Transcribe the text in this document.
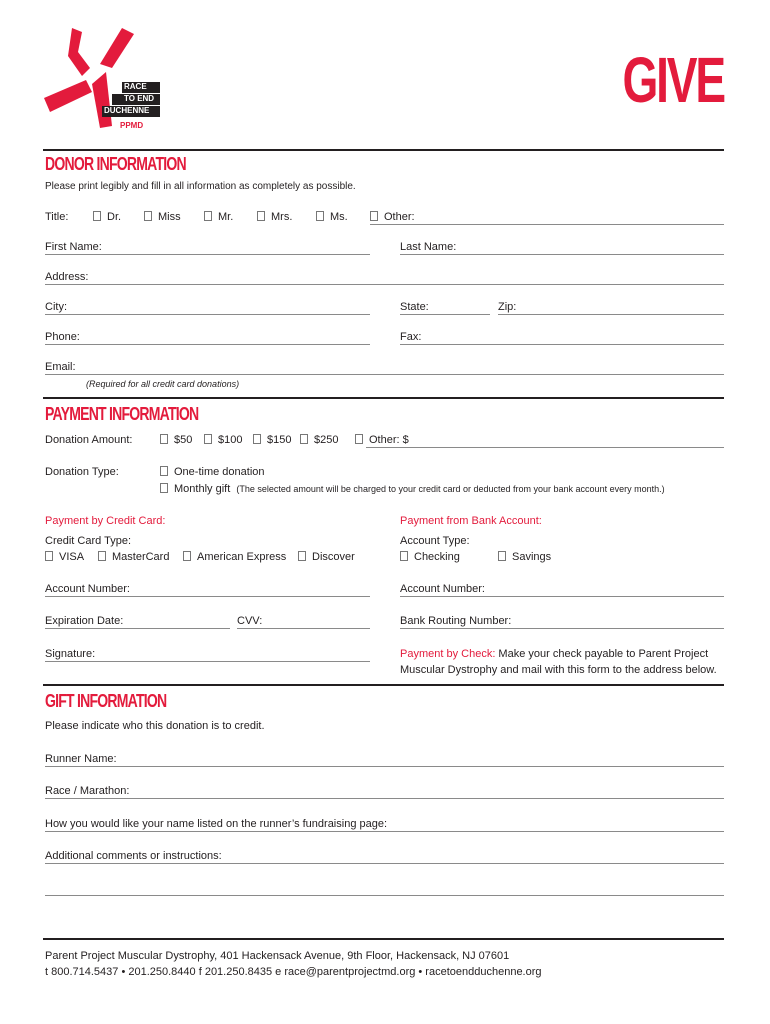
RACE
TO END
DUCHENNE
PPMD
GIVE
DONOR INFORMATION
Please print legibly and fill in all information as completely as possible.
Title:	Dr.	Miss	Mr.	Mrs.	Ms.	Other:
First Name:	Last Name:
Address:
City:	State:	Zip:
Phone:	Fax:
Email:
(Required for all credit card donations)
PAYMENT INFORMATION
Donation Amount:	$50	$100	$150	$250	Other: $
Donation Type:	One-time donation
Monthly gift (The selected amount will be charged to your credit card or deducted from your bank account every month.)
Payment by Credit Card:	Payment from Bank Account:
Credit Card Type:
VISA	MasterCard	American Express	Discover
Account Type:
Checking	Savings
Account Number:	Account Number:
Expiration Date:	CVV:	Bank Routing Number:
Signature:	Payment by Check: Make your check payable to Parent Project
Muscular Dystrophy and mail with this form to the address below.
GIFT INFORMATION
Please indicate who this donation is to credit.
Runner Name:
Race / Marathon:
How you would like your name listed on the runner’s fundraising page:
Additional comments or instructions:
Parent Project Muscular Dystrophy, 401 Hackensack Avenue, 9th Floor, Hackensack, NJ 07601
t 800.714.5437 • 201.250.8440 f 201.250.8435 e race@parentprojectmd.org • racetoendduchenne.org
